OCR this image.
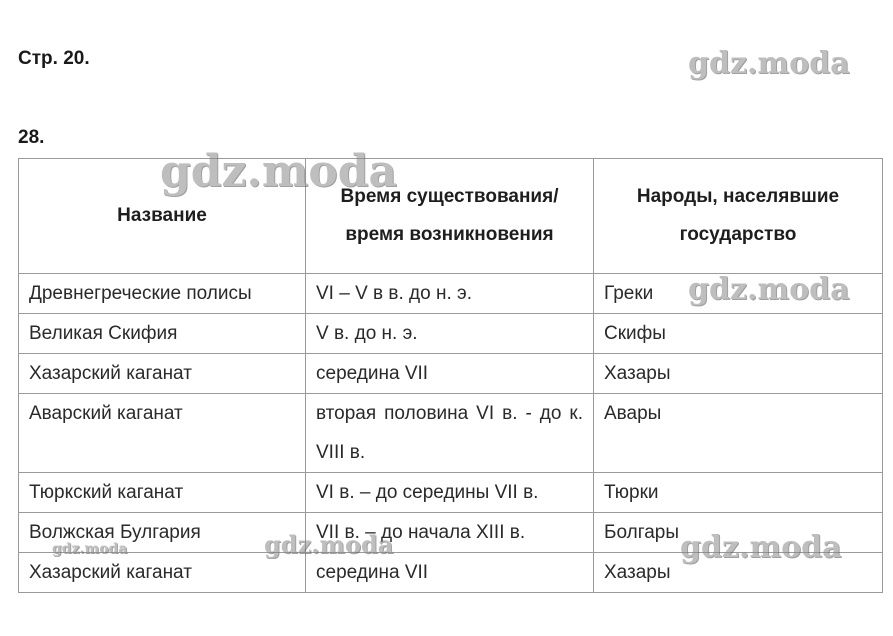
Стр. 20.
28.
Название	Время существования/время возникновения	Народы, населявшие государство
Древнегреческие полисы	VI – V в в. до н. э.	Греки
Великая Скифия	V в. до н. э.	Скифы
Хазарский каганат	середина VII	Хазары
Аварский каганат	вторая половина VI в. - до к. VIII в.	Авары
Тюркский каганат	VI в. – до середины VII в.	Тюрки
Волжская Булгария	VII в. – до начала XIII в.	Болгары
Хазарский каганат	середина VII	Хазары
gdz.moda
gdz.moda
gdz.moda
gdz.moda	gdz.moda	gdz.moda
